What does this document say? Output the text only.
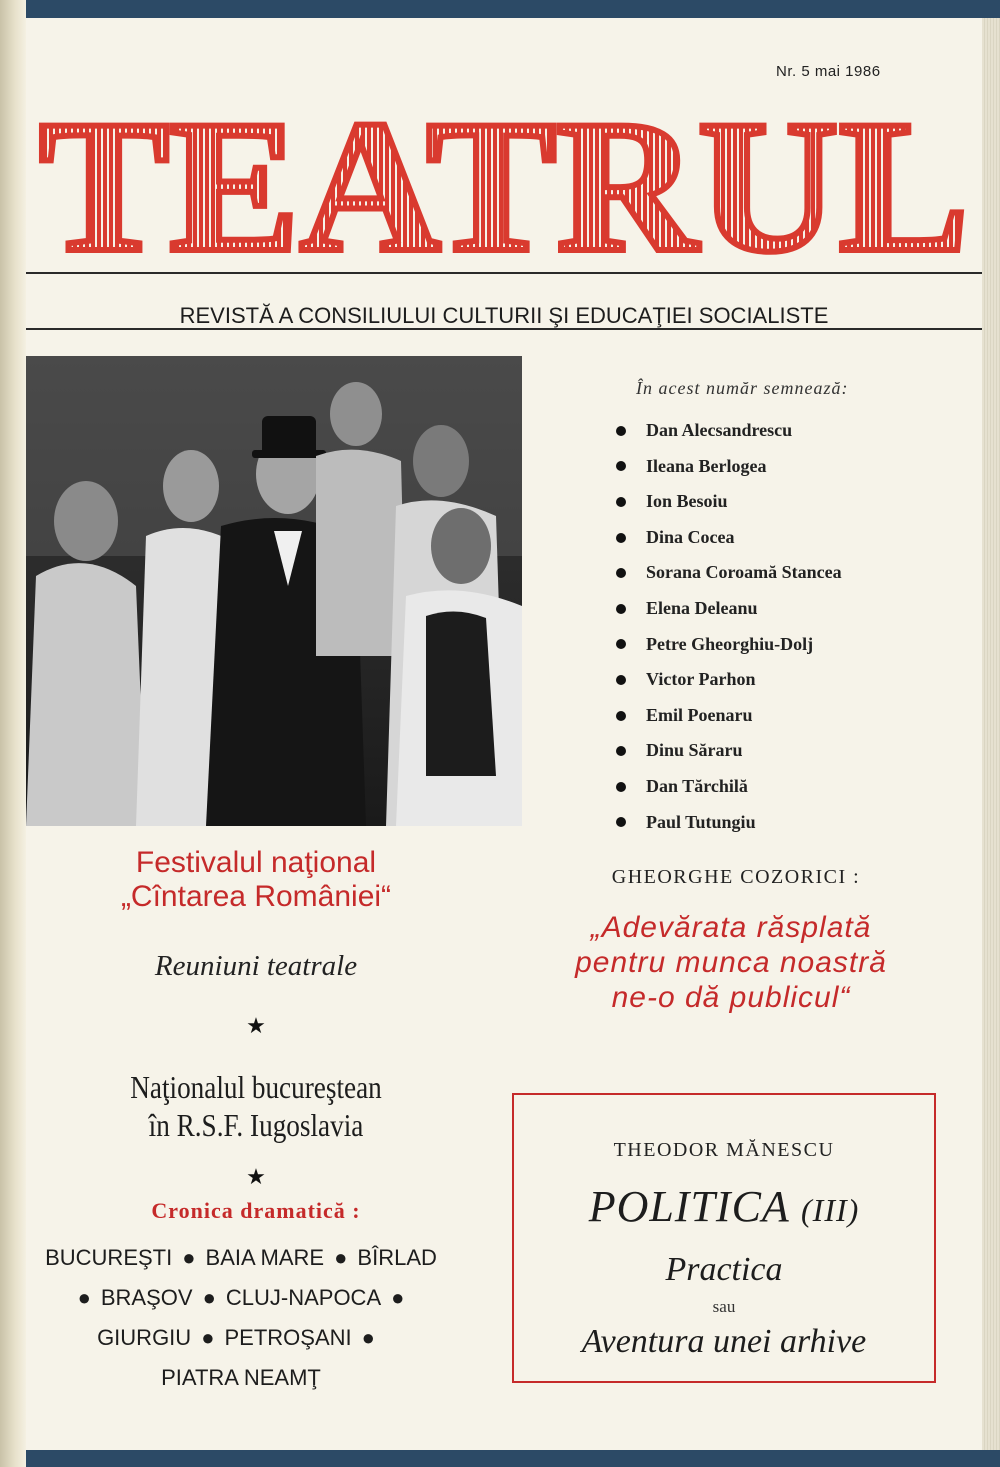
Nr. 5 mai 1986
TEATRUL
REVISTĂ A CONSILIULUI CULTURII ŞI EDUCAŢIEI SOCIALISTE
În acest număr semnează:
Dan Alecsandrescu
Ileana Berlogea
Ion Besoiu
Dina Cocea
Sorana Coroamă Stancea
Elena Deleanu
Petre Gheorghiu-Dolj
Victor Parhon
Emil Poenaru
Dinu Săraru
Dan Tărchilă
Paul Tutungiu
Festivalul naţional
„Cîntarea României“
Reuniuni teatrale
★
Naţionalul bucureştean
în R.S.F. Iugoslavia
★
Cronica dramatică :
BUCUREŞTI ● BAIA MARE ● BÎRLAD
● BRAŞOV ● CLUJ-NAPOCA ●
GIURGIU ● PETROŞANI ●
PIATRA NEAMŢ
GHEORGHE COZORICI :
„Adevărata răsplată
pentru munca noastră
ne-o dă publicul“
THEODOR MĂNESCU
POLITICA (III)
Practica
sau
Aventura unei arhive
